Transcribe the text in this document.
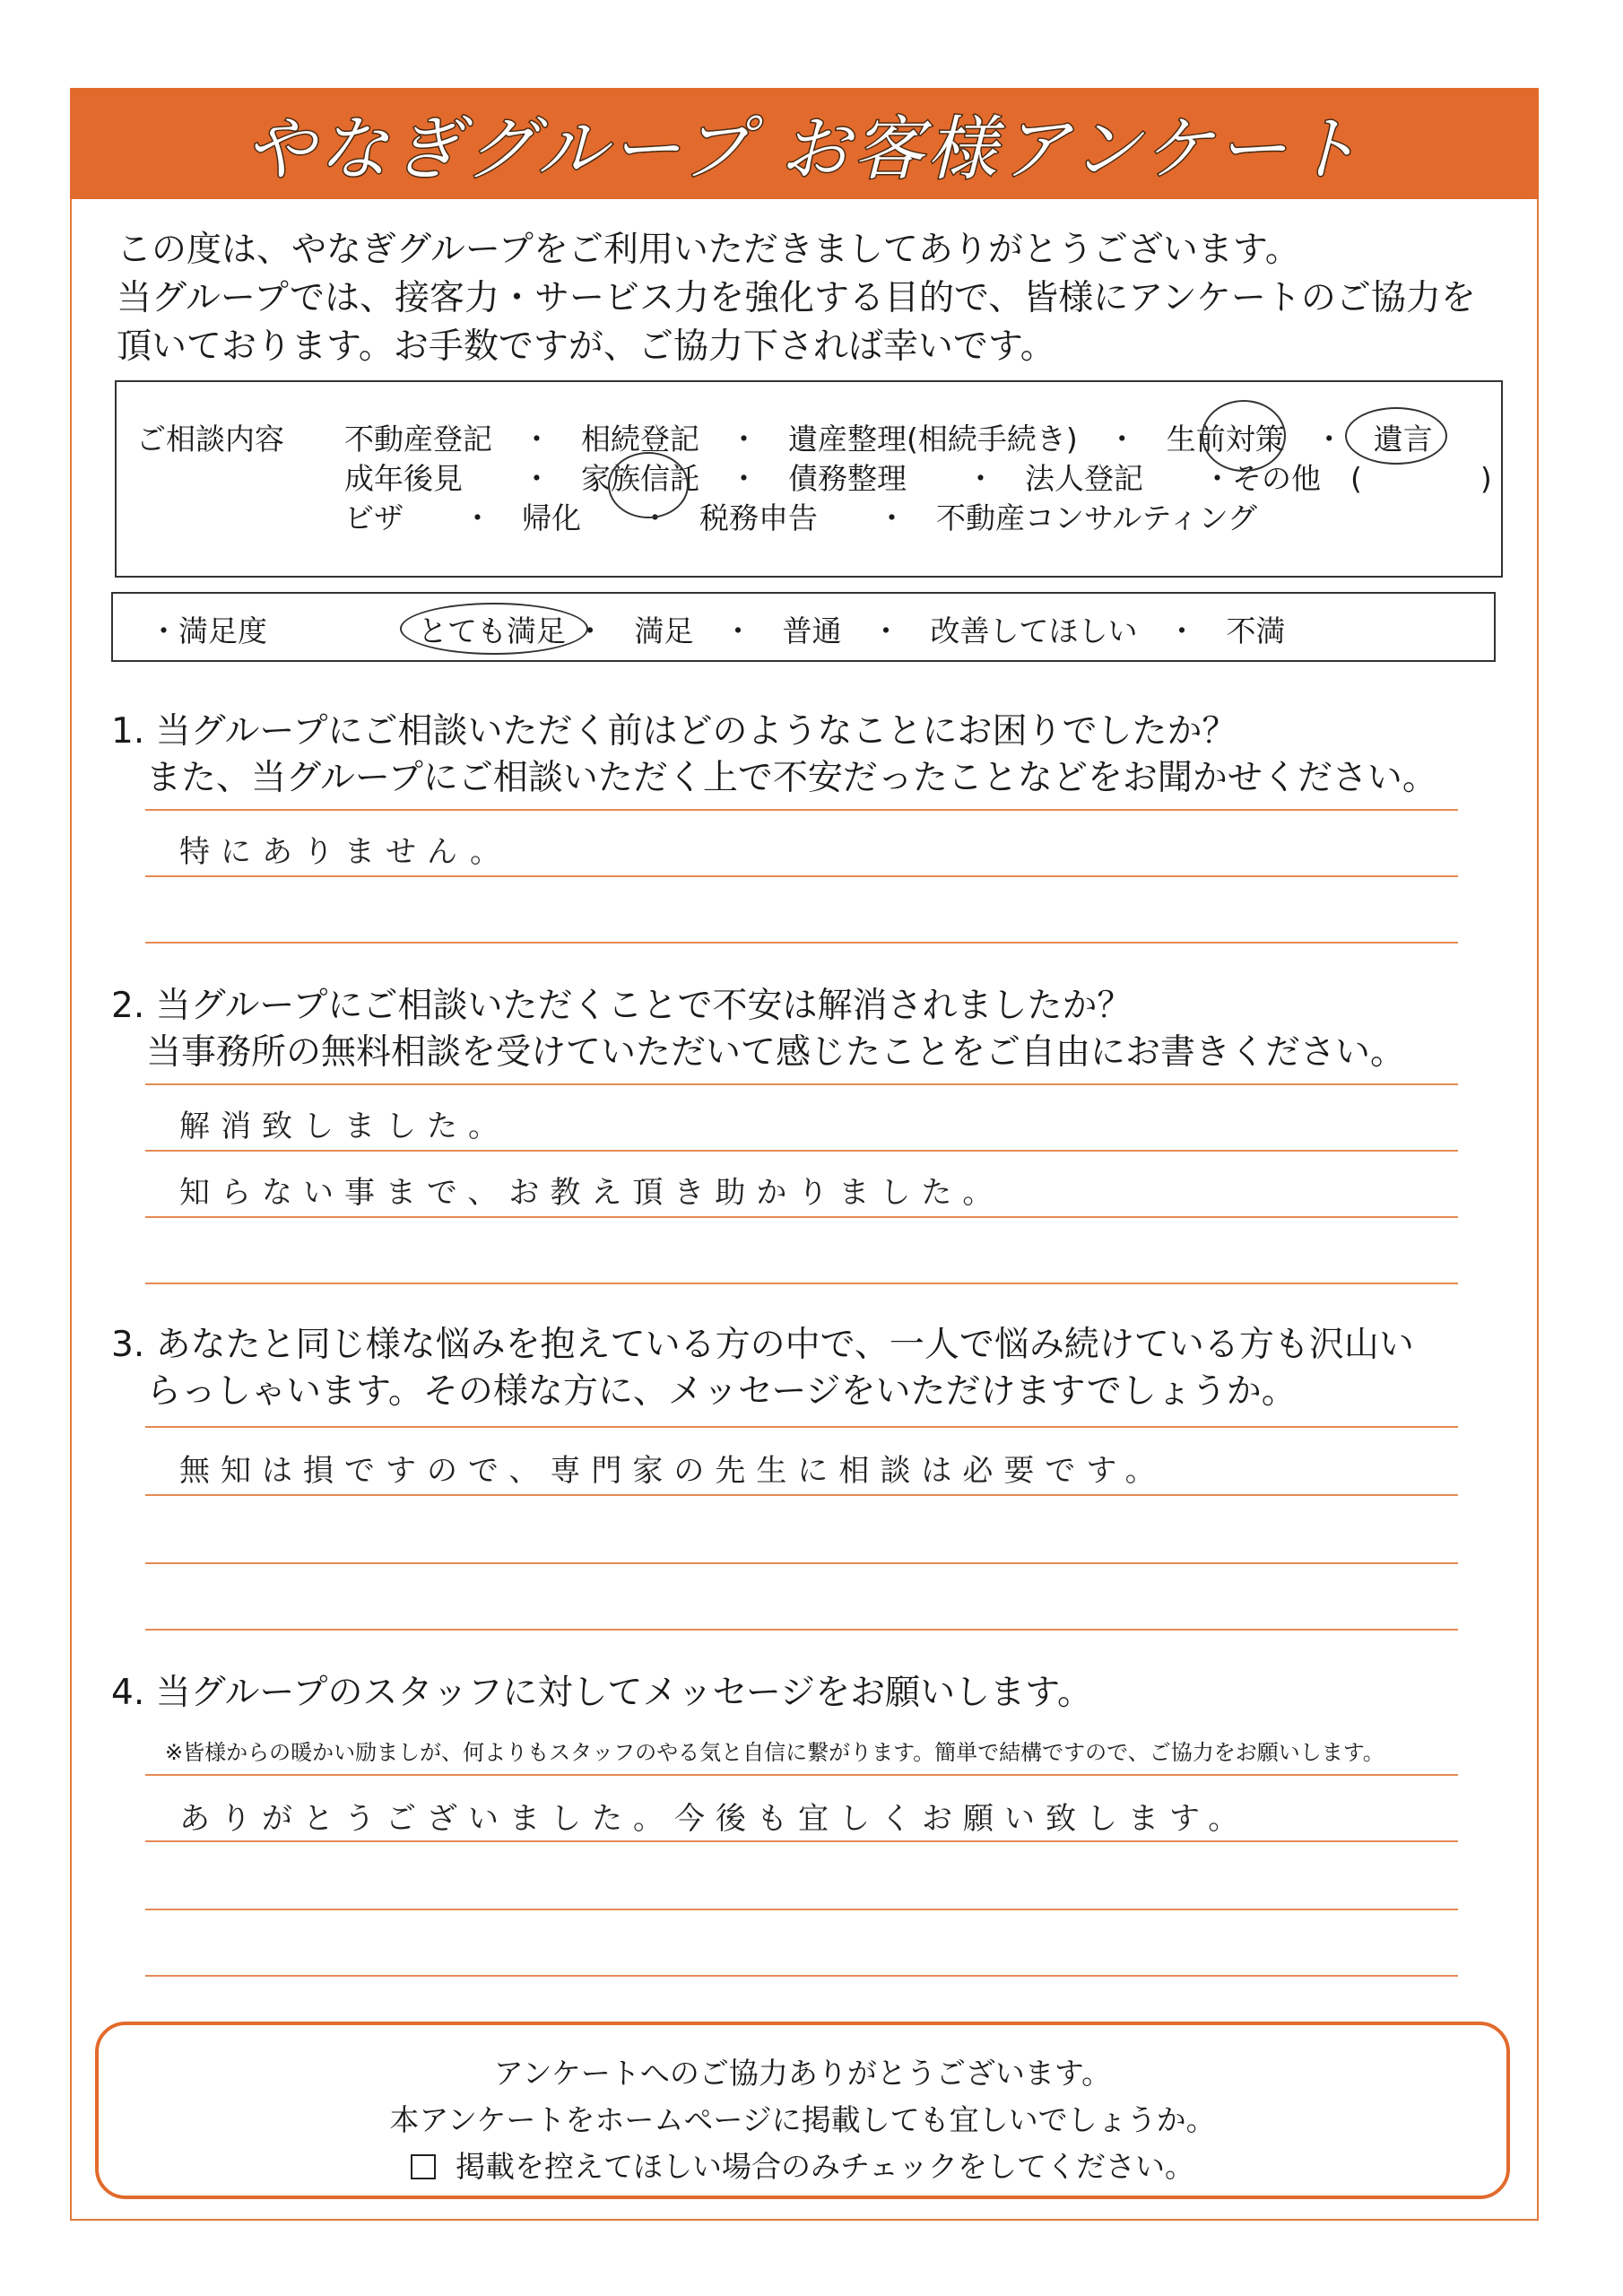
やなぎグループ お客様アンケート
この度は、やなぎグループをご利用いただきましてありがとうございます。
当グループでは、接客力・サービス力を強化する目的で、皆様にアンケートのご協力を
頂いております。お手数ですが、ご協力下されば幸いです。
ご相談内容 不動産登記　・　相続登記　・　遺産整理(相続手続き)　・　生前対策　・　遺言
成年後見　　・　家族信託　・　債務整理　　・　法人登記　　・その他　(　　　　)
ビザ　　・　帰化　　・　税務申告　　・　不動産コンサルティング
・満足度	とても満足 ・　満足　・　普通　・　改善してほしい　・　不満
1. 当グループにご相談いただく前はどのようなことにお困りでしたか？
　また、当グループにご相談いただく上で不安だったことなどをお聞かせください。
特にありません。
2. 当グループにご相談いただくことで不安は解消されましたか？
　当事務所の無料相談を受けていただいて感じたことをご自由にお書きください。
解消致しました。
知らない事まで、お教え頂き助かりました。
3. あなたと同じ様な悩みを抱えている方の中で、一人で悩み続けている方も沢山い
　らっしゃいます。その様な方に、メッセージをいただけますでしょうか。
無知は損ですので、専門家の先生に相談は必要です。
4. 当グループのスタッフに対してメッセージをお願いします。
※皆様からの暖かい励ましが、何よりもスタッフのやる気と自信に繋がります。簡単で結構ですので、ご協力をお願いします。
ありがとうございました。今後も宜しくお願い致します。
アンケートへのご協力ありがとうございます。
本アンケートをホームページに掲載しても宜しいでしょうか。
掲載を控えてほしい場合のみチェックをしてください。
